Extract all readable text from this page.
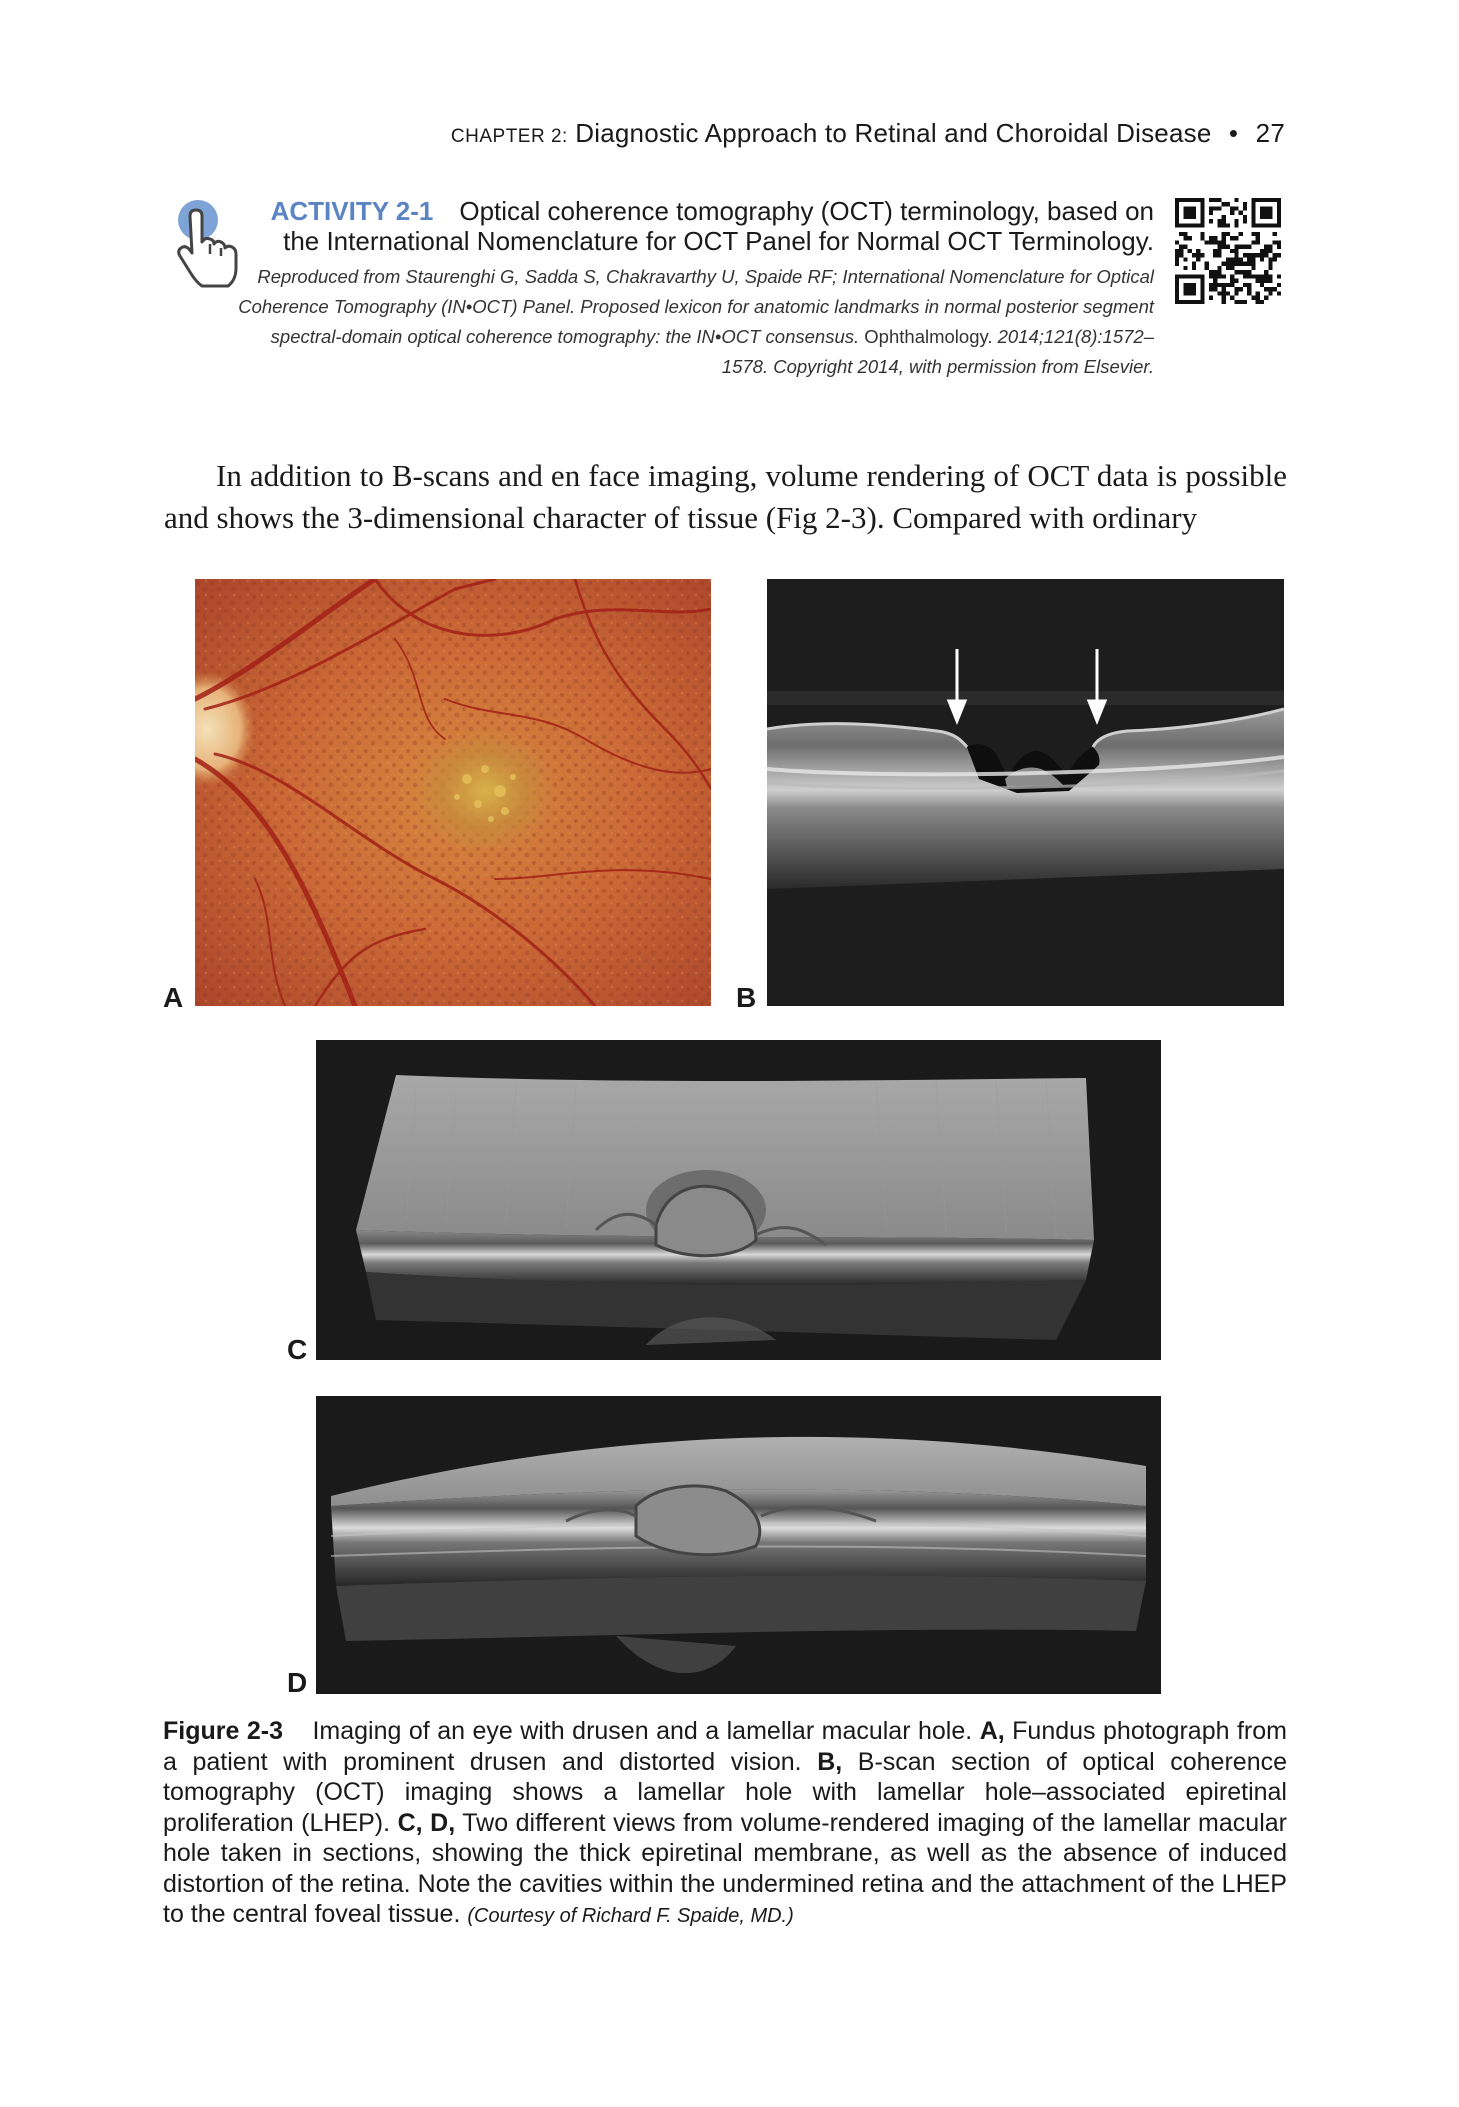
CHAPTER 2: Diagnostic Approach to Retinal and Choroidal Disease • 27
ACTIVITY 2-1 Optical coherence tomography (OCT) terminology, based on the International Nomenclature for OCT Panel for Normal OCT Terminology.
Reproduced from Staurenghi G, Sadda S, Chakravarthy U, Spaide RF; International Nomenclature for Optical Coherence Tomography (IN•OCT) Panel. Proposed lexicon for anatomic landmarks in normal posterior segment spectral-domain optical coherence tomography: the IN•OCT consensus. Ophthalmology. 2014;121(8):1572–1578. Copyright 2014, with permission from Elsevier.
In addition to B-scans and en face imaging, volume rendering of OCT data is possible and shows the 3-dimensional character of tissue (Fig 2-3). Compared with ordinary
A	B
C
D
Figure 2-3 Imaging of an eye with drusen and a lamellar macular hole. A, Fundus photograph from a patient with prominent drusen and distorted vision. B, B-scan section of optical coherence tomography (OCT) imaging shows a lamellar hole with lamellar hole–associated epiretinal proliferation (LHEP). C, D, Two different views from volume-rendered imaging of the lamellar macular hole taken in sections, showing the thick epiretinal membrane, as well as the absence of induced distortion of the retina. Note the cavities within the undermined retina and the attachment of the LHEP to the central foveal tissue. (Courtesy of Richard F. Spaide, MD.)
